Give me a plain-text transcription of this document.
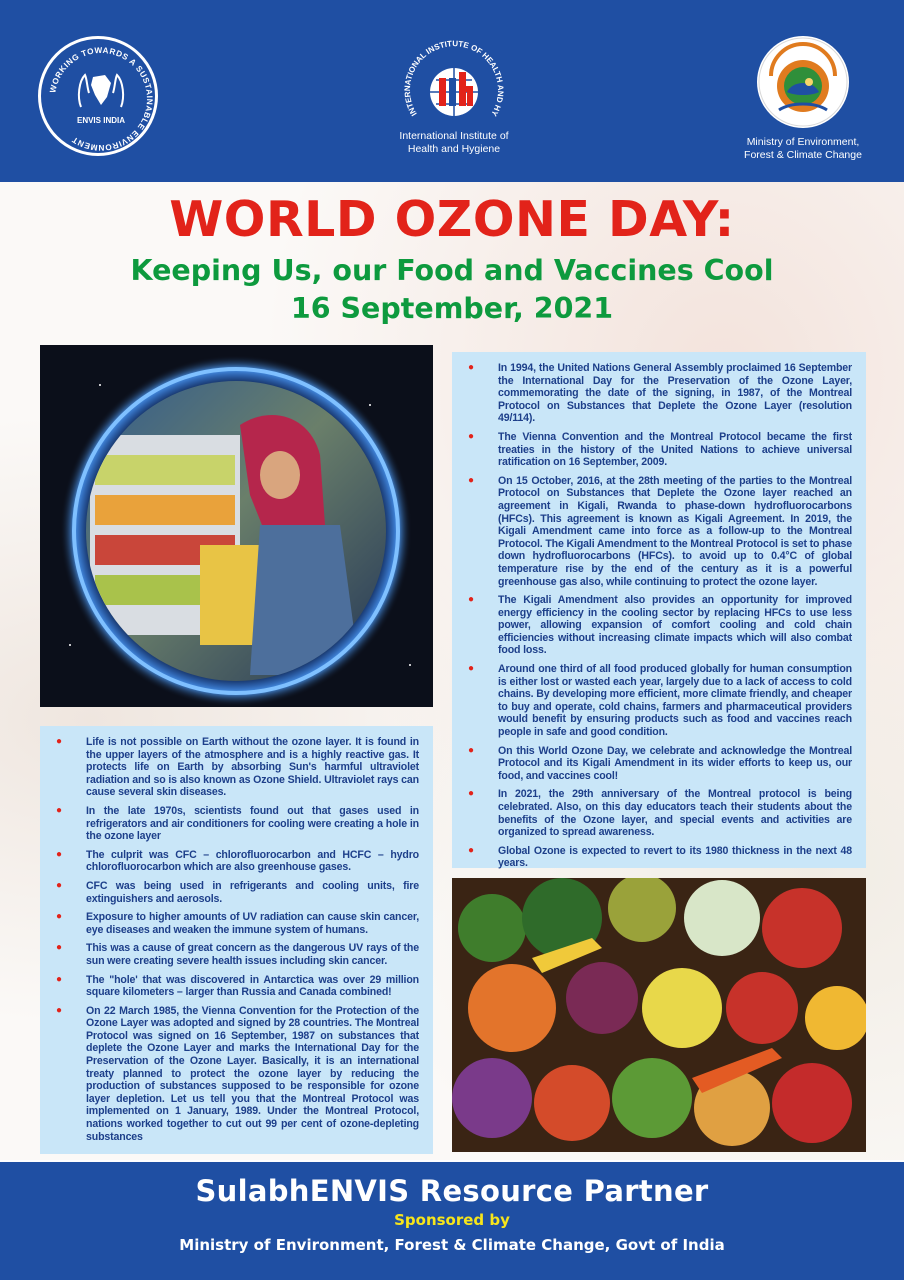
WORKING TOWARDS A SUSTAINABLE ENVIRONMENT
ENVIS INDIA
INTERNATIONAL INSTITUTE OF HEALTH AND HY
International Institute of
Health and Hygiene
Ministry of Environment,
Forest & Climate Change
WORLD OZONE DAY:
Keeping Us, our Food and Vaccines Cool
16 September, 2021
● In 1994, the United Nations General Assembly proclaimed 16 September the International Day for the Preservation of the Ozone Layer, commemorating the date of the signing, in 1987, of the Montreal Protocol on Substances that Deplete the Ozone Layer (resolution 49/114).
● The Vienna Convention and the Montreal Protocol became the first treaties in the history of the United Nations to achieve universal ratification on 16 September, 2009.
● On 15 October, 2016, at the 28th meeting of the parties to the Montreal Protocol on Substances that Deplete the Ozone layer reached an agreement in Kigali, Rwanda to phase-down hydrofluorocarbons (HFCs). This agreement is known as Kigali Agreement. In 2019, the Kigali Amendment came into force as a follow-up to the Montreal Protocol. The Kigali Amendment to the Montreal Protocol is set to phase down hydrofluorocarbons (HFCs). to avoid up to 0.4°C of global temperature rise by the end of the century as it is a powerful greenhouse gas also, while continuing to protect the ozone layer.
● The Kigali Amendment also provides an opportunity for improved energy efficiency in the cooling sector by replacing HFCs to use less power, allowing expansion of comfort cooling and cold chain efficiencies without increasing climate impacts which will also combat food loss.
● Around one third of all food produced globally for human consumption is either lost or wasted each year, largely due to a lack of access to cold chains. By developing more efficient, more climate friendly, and cheaper to buy and operate, cold chains, farmers and pharmaceutical providers would benefit by ensuring products such as food and vaccines reach people in safe and good condition.
● On this World Ozone Day, we celebrate and acknowledge the Montreal Protocol and its Kigali Amendment in its wider efforts to keep us, our food, and vaccines cool!
● In 2021, the 29th anniversary of the Montreal protocol is being celebrated. Also, on this day educators teach their students about the benefits of the Ozone layer, and special events and activities are organized to spread awareness.
● Global Ozone is expected to revert to its 1980 thickness in the next 48 years.
● Life is not possible on Earth without the ozone layer. It is found in the upper layers of the atmosphere and is a highly reactive gas. It protects life on Earth by absorbing Sun's harmful ultraviolet radiation and so is also known as Ozone Shield. Ultraviolet rays can cause several skin diseases.
● In the late 1970s, scientists found out that gases used in refrigerators and air conditioners for cooling were creating a hole in the ozone layer
● The culprit was CFC – chlorofluorocarbon and HCFC – hydro chlorofluorocarbon which are also greenhouse gases.
● CFC was being used in refrigerants and cooling units, fire extinguishers and aerosols.
● Exposure to higher amounts of UV radiation can cause skin cancer, eye diseases and weaken the immune system of humans.
● This was a cause of great concern as the dangerous UV rays of the sun were creating severe health issues including skin cancer.
● The "hole' that was discovered in Antarctica was over 29 million square kilometers – larger than Russia and Canada combined!
● On 22 March 1985, the Vienna Convention for the Protection of the Ozone Layer was adopted and signed by 28 countries. The Montreal Protocol was signed on 16 September, 1987 on substances that deplete the Ozone Layer and marks the International Day for the Preservation of the Ozone Layer. Basically, it is an international treaty planned to protect the ozone layer by reducing the production of substances supposed to be responsible for ozone layer depletion. Let us tell you that the Montreal Protocol was implemented on 1 January, 1989. Under the Montreal Protocol, nations worked together to cut out 99 per cent of ozone-depleting substances
SulabhENVIS Resource Partner
Sponsored by
Ministry of Environment, Forest & Climate Change, Govt of India
